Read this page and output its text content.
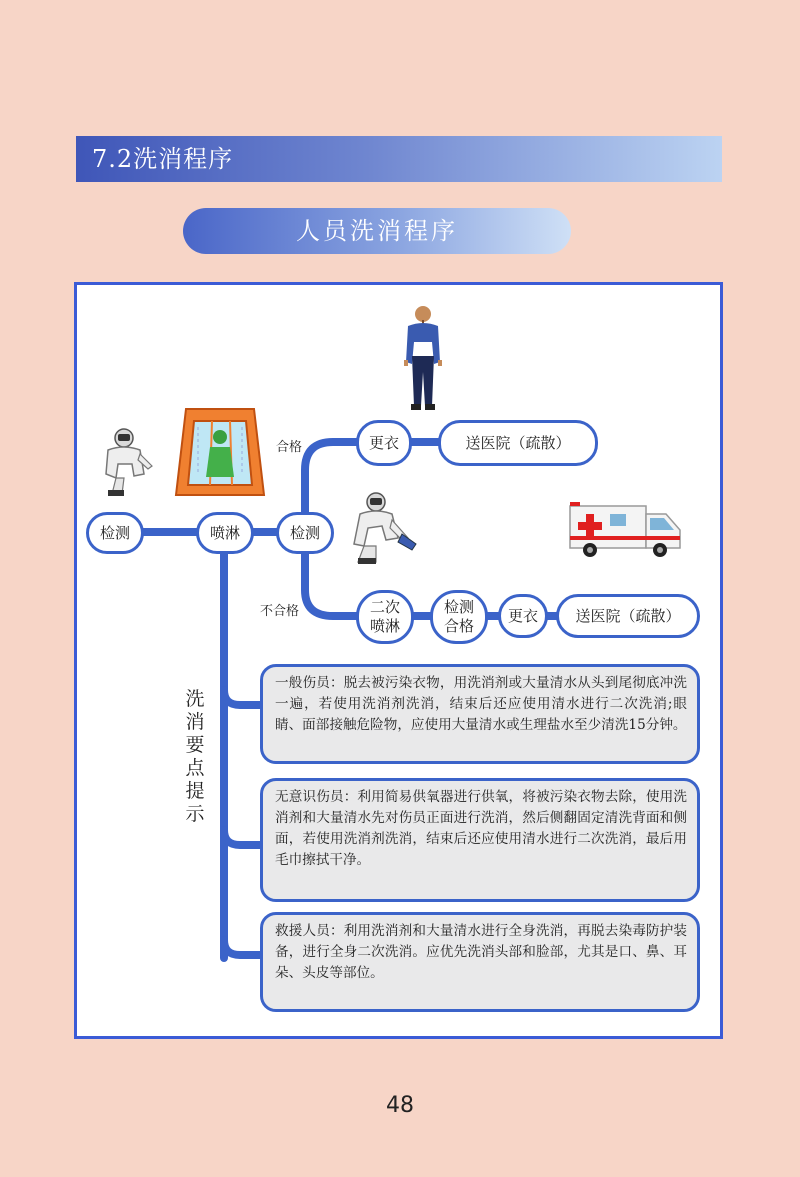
7.2洗消程序
人员洗消程序
检测	喷淋	检测
更衣	送医院（疏散）
二次
喷淋
检测
合格
更衣	送医院（疏散）
合格
不合格
洗消要点提示
一般伤员：脱去被污染衣物，用洗消剂或大量清水从头到尾彻底冲洗一遍，若使用洗消剂洗消，结束后还应使用清水进行二次洗消;眼睛、面部接触危险物，应使用大量清水或生理盐水至少清洗15分钟。
无意识伤员：利用简易供氧器进行供氧，将被污染衣物去除，使用洗消剂和大量清水先对伤员正面进行洗消，然后侧翻固定清洗背面和侧面，若使用洗消剂洗消，结束后还应使用清水进行二次洗消，最后用毛巾擦拭干净。
救援人员：利用洗消剂和大量清水进行全身洗消，再脱去染毒防护装备，进行全身二次洗消。应优先洗消头部和脸部，尤其是口、鼻、耳朵、头皮等部位。
48
